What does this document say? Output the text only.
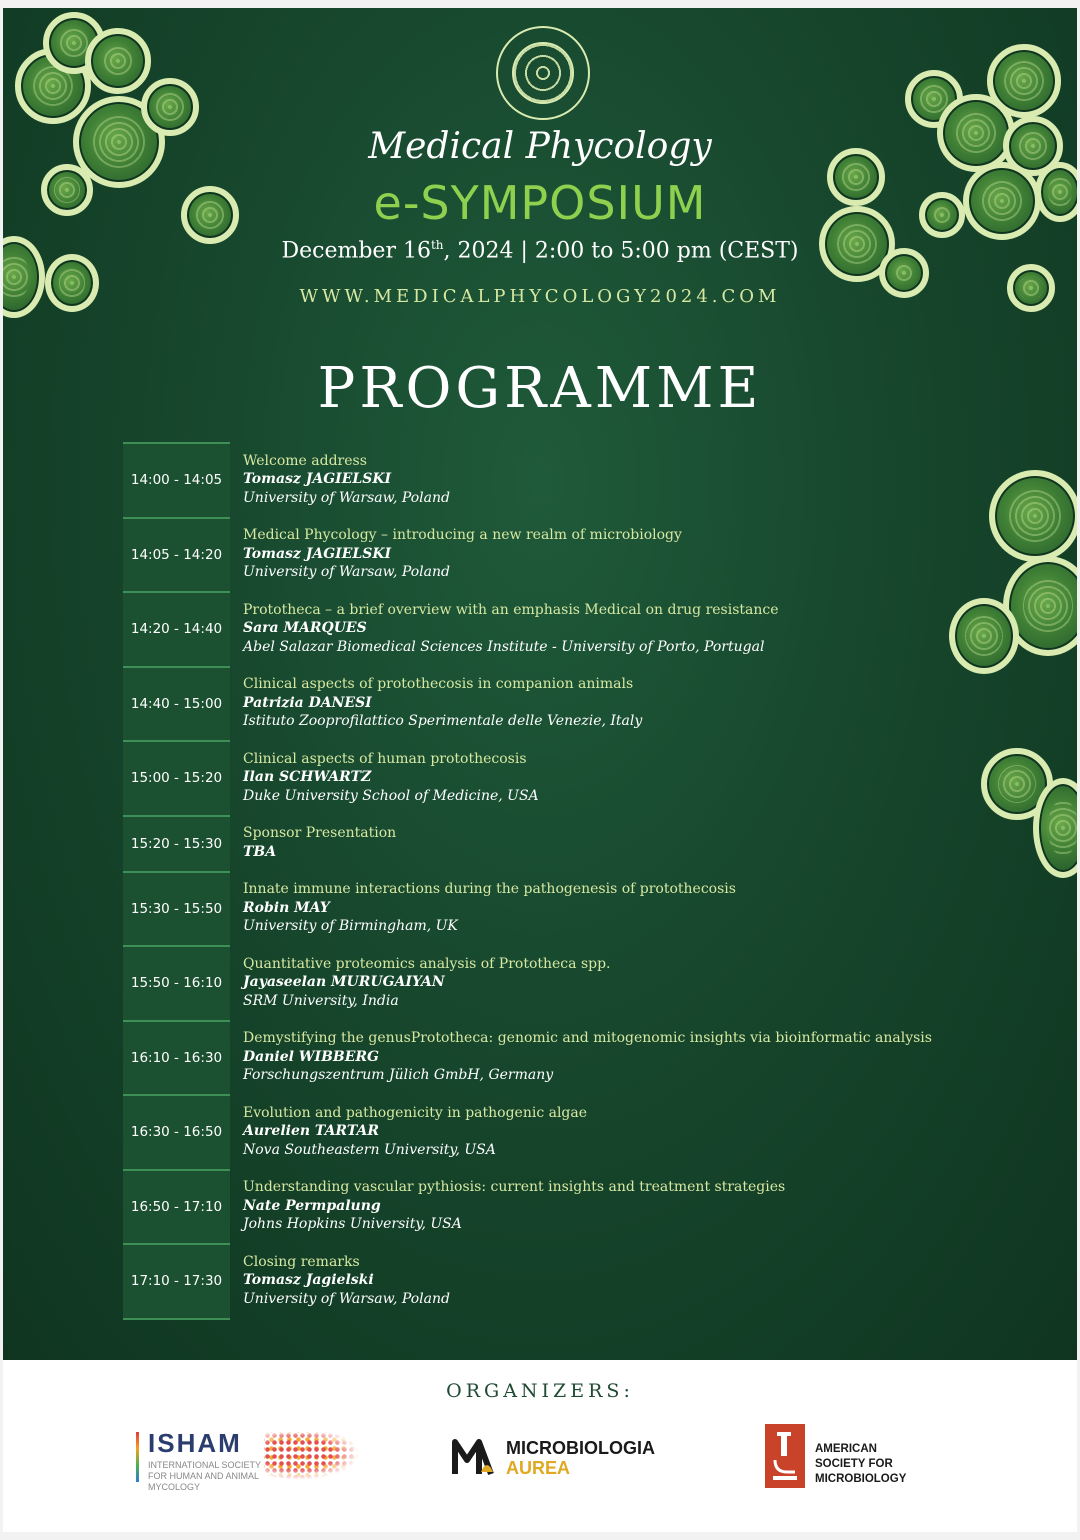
Medical Phycology
e-SYMPOSIUM
December 16th, 2024 | 2:00 to 5:00 pm (CEST)
WWW.MEDICALPHYCOLOGY2024.COM
PROGRAMME
14:00 - 14:05
Welcome address
Tomasz JAGIELSKI
University of Warsaw, Poland
14:05 - 14:20
Medical Phycology – introducing a new realm of microbiology
Tomasz JAGIELSKI
University of Warsaw, Poland
14:20 - 14:40
Prototheca – a brief overview with an emphasis Medical on drug resistance
Sara MARQUES
Abel Salazar Biomedical Sciences Institute - University of Porto, Portugal
14:40 - 15:00
Clinical aspects of protothecosis in companion animals
Patrizia DANESI
Istituto Zooprofilattico Sperimentale delle Venezie, Italy
15:00 - 15:20
Clinical aspects of human protothecosis
Ilan SCHWARTZ
Duke University School of Medicine, USA
15:20 - 15:30
Sponsor Presentation
TBA
15:30 - 15:50
Innate immune interactions during the pathogenesis of protothecosis
Robin MAY
University of Birmingham, UK
15:50 - 16:10
Quantitative proteomics analysis of Prototheca spp.
Jayaseelan MURUGAIYAN
SRM University, India
16:10 - 16:30
Demystifying the genusPrototheca: genomic and mitogenomic insights via bioinformatic analysis
Daniel WIBBERG
Forschungszentrum Jülich GmbH, Germany
16:30 - 16:50
Evolution and pathogenicity in pathogenic algae
Aurelien TARTAR
Nova Southeastern University, USA
16:50 - 17:10
Understanding vascular pythiosis: current insights and treatment strategies
Nate Permpalung
Johns Hopkins University, USA
17:10 - 17:30
Closing remarks
Tomasz Jagielski
University of Warsaw, Poland
ORGANIZERS:
ISHAM
INTERNATIONAL SOCIETY FOR HUMAN AND ANIMAL MYCOLOGY
MICROBIOLOGIA
AUREA
AMERICAN
SOCIETY FOR
MICROBIOLOGY
